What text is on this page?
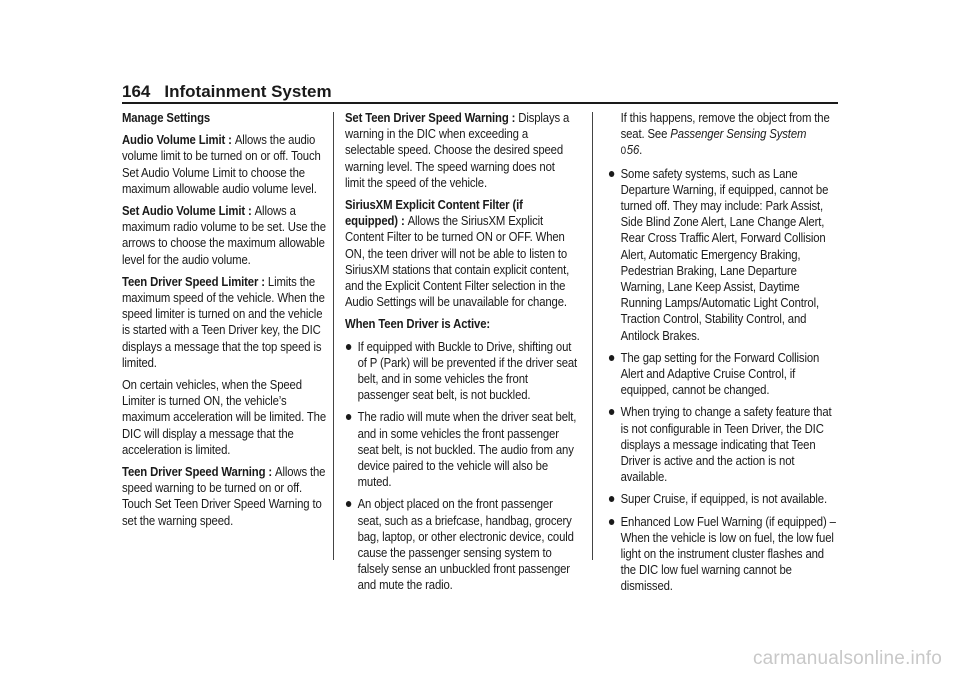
164 Infotainment System

Manage Settings

Audio Volume Limit : Allows the audio volume limit to be turned on or off. Touch Set Audio Volume Limit to choose the maximum allowable audio volume level.

Set Audio Volume Limit : Allows a maximum radio volume to be set. Use the arrows to choose the maximum allowable level for the audio volume.

Teen Driver Speed Limiter : Limits the maximum speed of the vehicle. When the speed limiter is turned on and the vehicle is started with a Teen Driver key, the DIC displays a message that the top speed is limited.

On certain vehicles, when the Speed Limiter is turned ON, the vehicle’s maximum acceleration will be limited. The DIC will display a message that the acceleration is limited.

Teen Driver Speed Warning : Allows the speed warning to be turned on or off. Touch Set Teen Driver Speed Warning to set the warning speed.

Set Teen Driver Speed Warning : Displays a warning in the DIC when exceeding a selectable speed. Choose the desired speed warning level. The speed warning does not limit the speed of the vehicle.

SiriusXM Explicit Content Filter (if equipped) : Allows the SiriusXM Explicit Content Filter to be turned ON or OFF. When ON, the teen driver will not be able to listen to SiriusXM stations that contain explicit content, and the Explicit Content Filter selection in the Audio Settings will be unavailable for change.

When Teen Driver is Active:

If equipped with Buckle to Drive, shifting out of P (Park) will be prevented if the driver seat belt, and in some vehicles the front passenger seat belt, is not buckled.
The radio will mute when the driver seat belt, and in some vehicles the front passenger seat belt, is not buckled. The audio from any device paired to the vehicle will also be muted.
An object placed on the front passenger seat, such as a briefcase, handbag, grocery bag, laptop, or other electronic device, could cause the passenger sensing system to falsely sense an unbuckled front passenger and mute the radio.

If this happens, remove the object from the seat. See Passenger Sensing System
0 56.

Some safety systems, such as Lane Departure Warning, if equipped, cannot be turned off. They may include: Park Assist, Side Blind Zone Alert, Lane Change Alert, Rear Cross Traffic Alert, Forward Collision Alert, Automatic Emergency Braking, Pedestrian Braking, Lane Departure Warning, Lane Keep Assist, Daytime Running Lamps/Automatic Light Control, Traction Control, Stability Control, and Antilock Brakes.
The gap setting for the Forward Collision Alert and Adaptive Cruise Control, if equipped, cannot be changed.
When trying to change a safety feature that is not configurable in Teen Driver, the DIC displays a message indicating that Teen Driver is active and the action is not available.
Super Cruise, if equipped, is not available.
Enhanced Low Fuel Warning (if equipped) – When the vehicle is low on fuel, the low fuel light on the instrument cluster flashes and the DIC low fuel warning cannot be dismissed.
carmanualsonline.info
